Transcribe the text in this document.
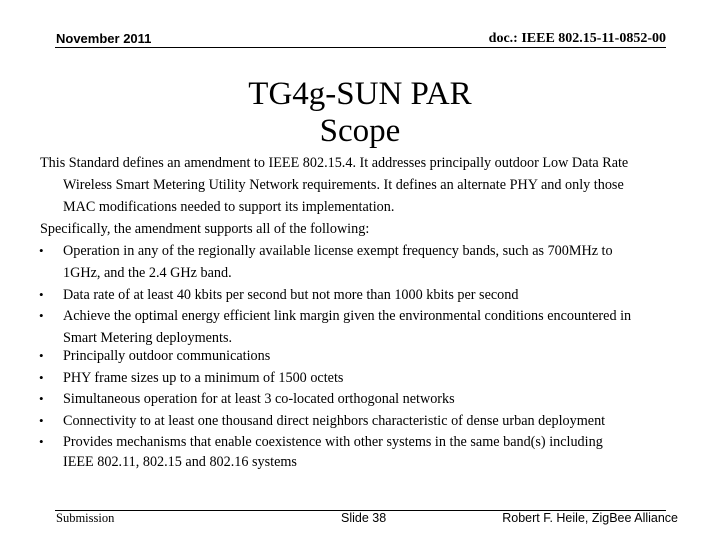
November 2011	doc.: IEEE 802.15-11-0852-00
TG4g-SUN PAR
Scope
This Standard defines an amendment to IEEE 802.15.4. It addresses principally outdoor Low Data Rate
Wireless Smart Metering Utility Network requirements. It defines an alternate PHY and only those
MAC modifications needed to support its implementation.
Specifically, the amendment supports all of the following:
• Operation in any of the regionally available license exempt frequency bands, such as 700MHz to
1GHz, and the 2.4 GHz band.
• Data rate of at least 40 kbits per second but not more than 1000 kbits per second
• Achieve the optimal energy efficient link margin given the environmental conditions encountered in
Smart Metering deployments.
• Principally outdoor communications
• PHY frame sizes up to a minimum of 1500 octets
• Simultaneous operation for at least 3 co-located orthogonal networks
• Connectivity to at least one thousand direct neighbors characteristic of dense urban deployment
• Provides mechanisms that enable coexistence with other systems in the same band(s) including
IEEE 802.11, 802.15 and 802.16 systems
Submission	Slide 38	Robert F. Heile, ZigBee Alliance
